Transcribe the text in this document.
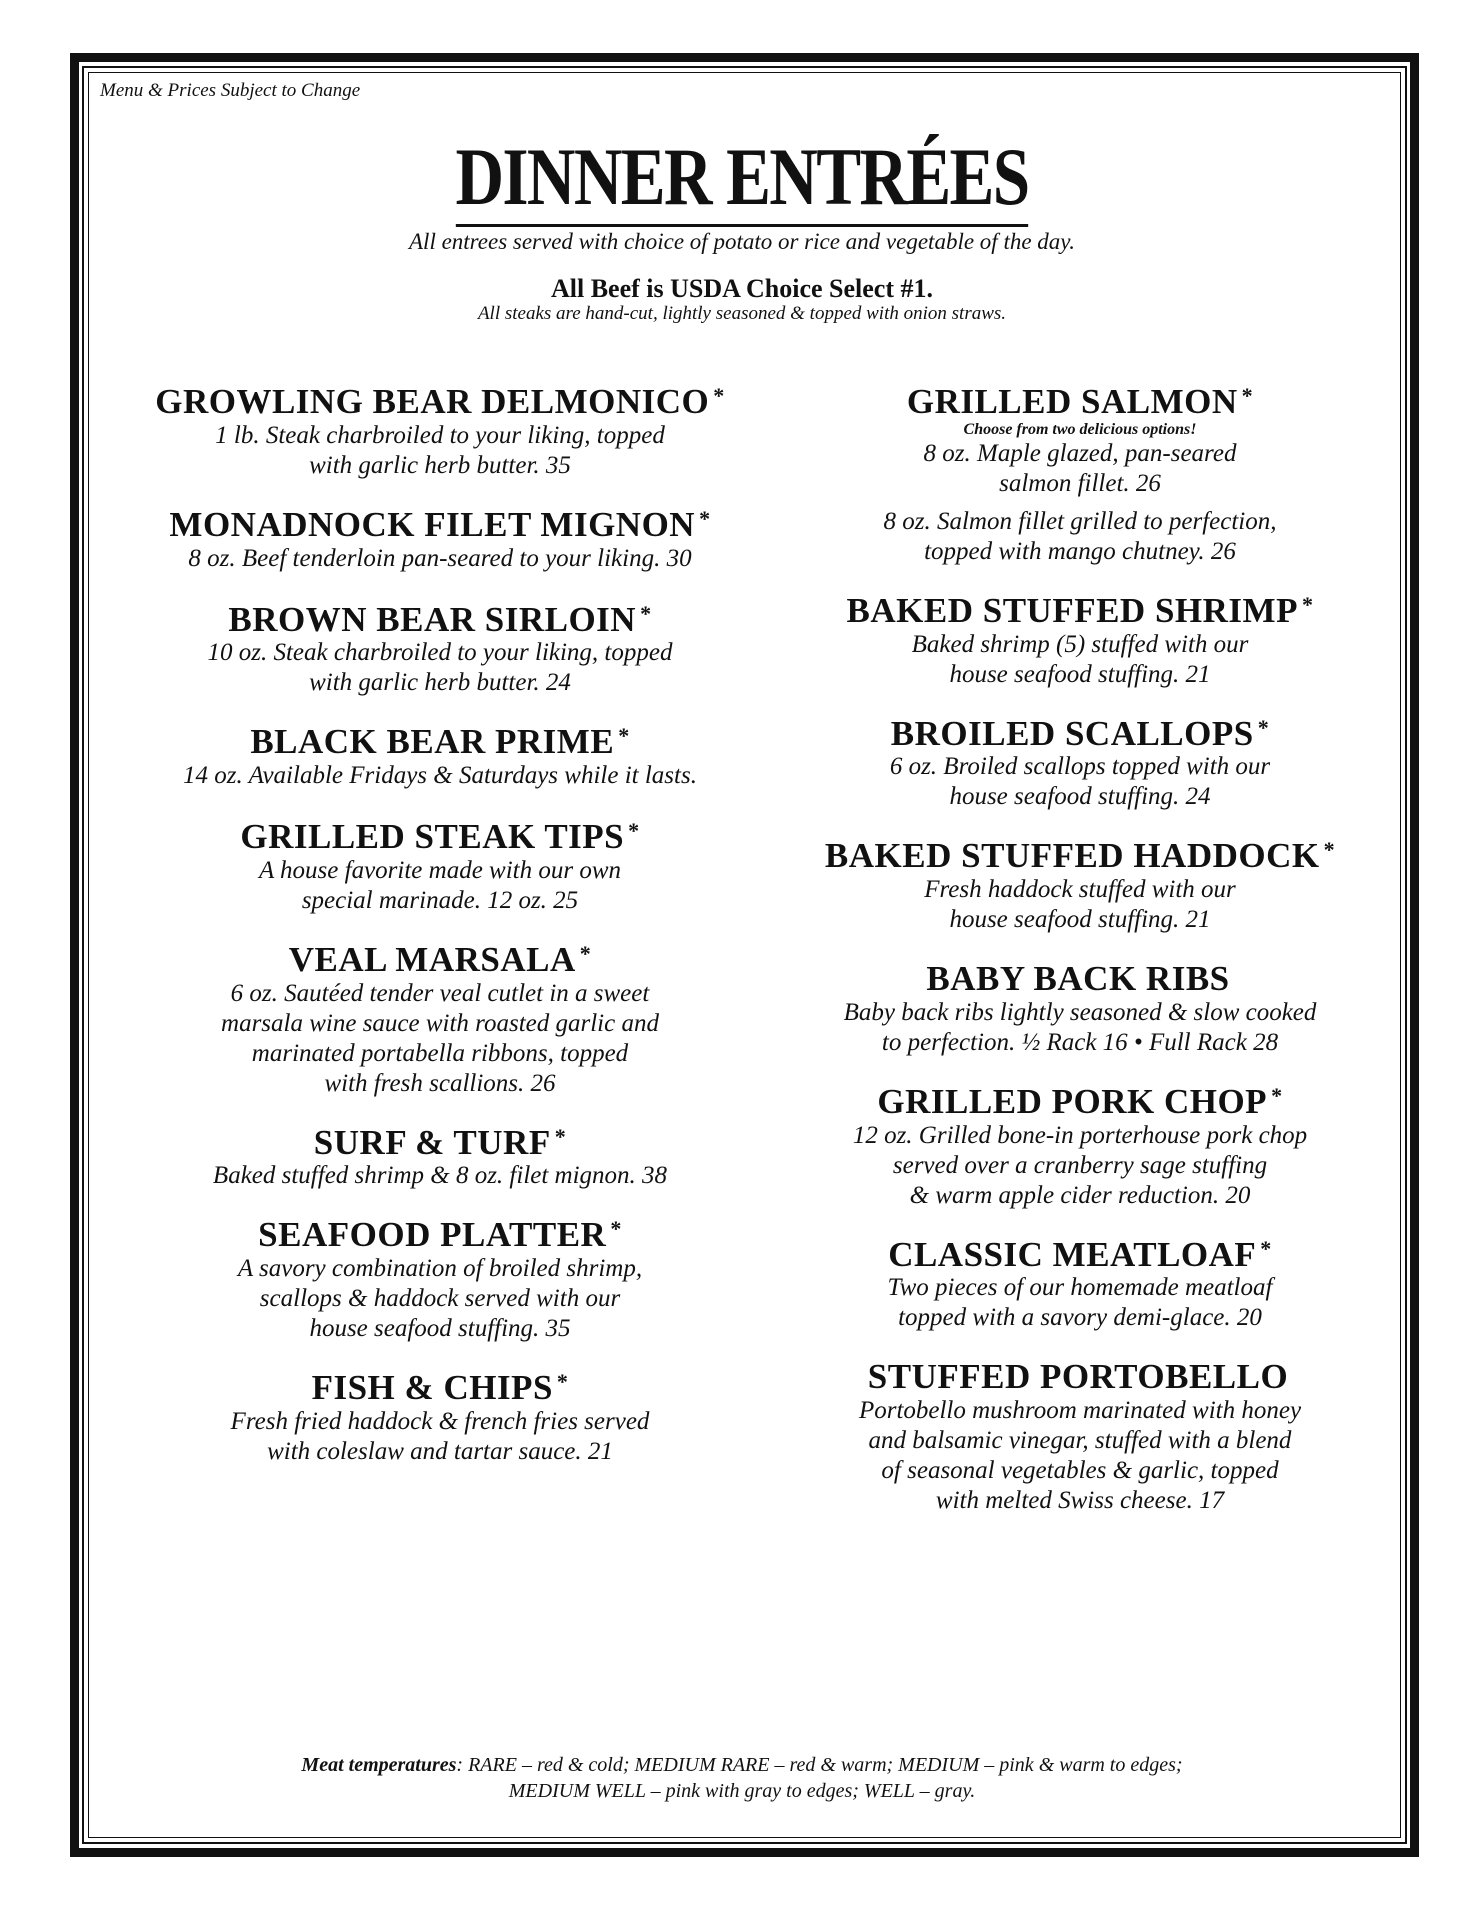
Menu & Prices Subject to Change
DINNER ENTRÉES
All entrees served with choice of potato or rice and vegetable of the day.
All Beef is USDA Choice Select #1.
All steaks are hand-cut, lightly seasoned & topped with onion straws.
GROWLING BEAR DELMONICO *
1 lb. Steak charbroiled to your liking, topped
with garlic herb butter. 35
MONADNOCK FILET MIGNON *
8 oz. Beef tenderloin pan-seared to your liking. 30
BROWN BEAR SIRLOIN *
10 oz. Steak charbroiled to your liking, topped
with garlic herb butter. 24
BLACK BEAR PRIME *
14 oz. Available Fridays & Saturdays while it lasts.
GRILLED STEAK TIPS *
A house favorite made with our own
special marinade. 12 oz. 25
VEAL MARSALA *
6 oz. Sautéed tender veal cutlet in a sweet
marsala wine sauce with roasted garlic and
marinated portabella ribbons, topped
with fresh scallions. 26
SURF & TURF *
Baked stuffed shrimp & 8 oz. filet mignon. 38
SEAFOOD PLATTER *
A savory combination of broiled shrimp,
scallops & haddock served with our
house seafood stuffing. 35
FISH & CHIPS *
Fresh fried haddock & french fries served
with coleslaw and tartar sauce. 21
GRILLED SALMON *
Choose from two delicious options!
8 oz. Maple glazed, pan-seared
salmon fillet. 26
8 oz. Salmon fillet grilled to perfection,
topped with mango chutney. 26
BAKED STUFFED SHRIMP *
Baked shrimp (5) stuffed with our
house seafood stuffing. 21
BROILED SCALLOPS *
6 oz. Broiled scallops topped with our
house seafood stuffing. 24
BAKED STUFFED HADDOCK *
Fresh haddock stuffed with our
house seafood stuffing. 21
BABY BACK RIBS
Baby back ribs lightly seasoned & slow cooked
to perfection. ½ Rack 16 • Full Rack 28
GRILLED PORK CHOP *
12 oz. Grilled bone-in porterhouse pork chop
served over a cranberry sage stuffing
& warm apple cider reduction. 20
CLASSIC MEATLOAF *
Two pieces of our homemade meatloaf
topped with a savory demi-glace. 20
STUFFED PORTOBELLO
Portobello mushroom marinated with honey
and balsamic vinegar, stuffed with a blend
of seasonal vegetables & garlic, topped
with melted Swiss cheese. 17
Meat temperatures: RARE – red & cold; MEDIUM RARE – red & warm; MEDIUM – pink & warm to edges;
MEDIUM WELL – pink with gray to edges; WELL – gray.
